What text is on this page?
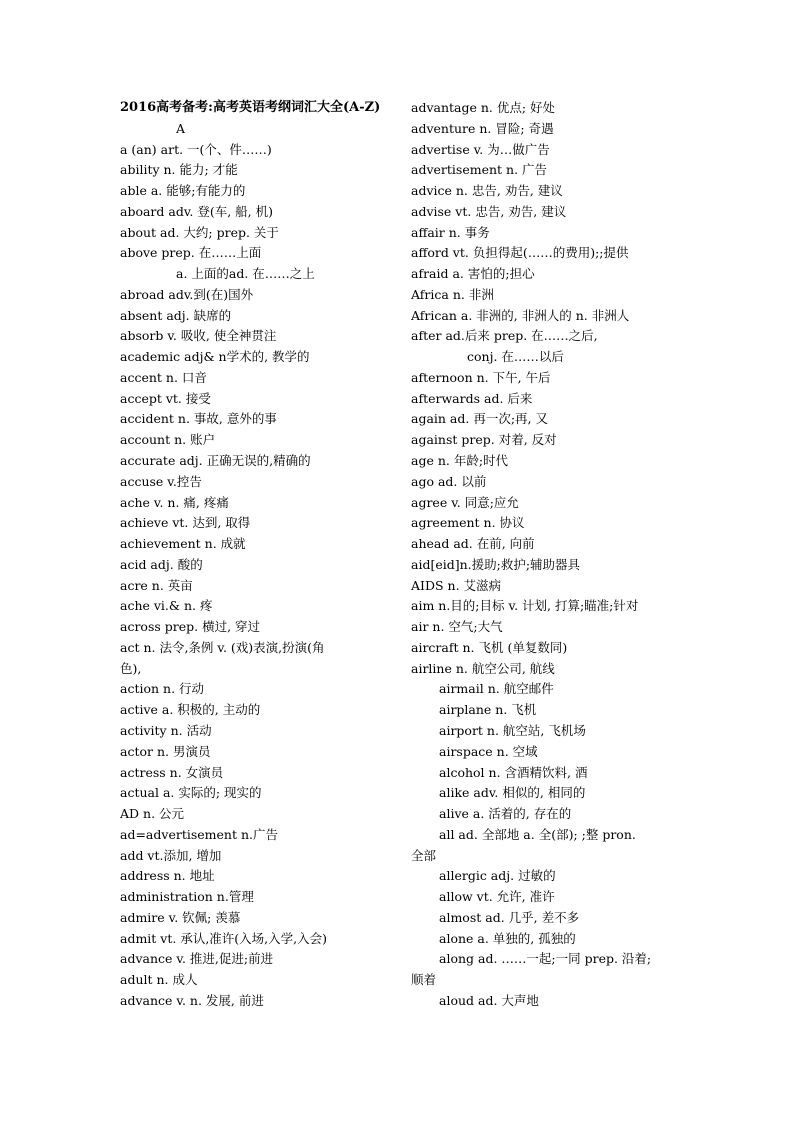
2016高考备考:高考英语考纲词汇大全(A-Z)
A
a (an) art. 一(个、件……)
ability n. 能力; 才能
able a. 能够;有能力的
aboard adv. 登(车, 船, 机)
about ad. 大约; prep. 关于
above prep. 在……上面
a. 上面的ad. 在……之上
abroad adv.到(在)国外
absent adj. 缺席的
absorb v. 吸收, 使全神贯注
academic adj& n学术的, 教学的
accent n. 口音
accept vt. 接受
accident n. 事故, 意外的事
account n. 账户
accurate adj. 正确无误的,精确的
accuse v.控告
ache v. n. 痛, 疼痛
achieve vt. 达到, 取得
achievement n. 成就
acid adj. 酸的
acre n. 英亩
ache vi.& n. 疼
across prep. 横过, 穿过
act n. 法令,条例 v. (戏)表演,扮演(角
色),
action n. 行动
active a. 积极的, 主动的
activity n. 活动
actor n. 男演员
actress n. 女演员
actual a. 实际的; 现实的
AD n. 公元
ad=advertisement n.广告
add vt.添加, 增加
address n. 地址
administration n.管理
admire v. 钦佩; 羡慕
admit vt. 承认,准许(入场,入学,入会)
advance v. 推进,促进;前进
adult n. 成人
advance v. n. 发展, 前进
advantage n. 优点; 好处
adventure n. 冒险; 奇遇
advertise v. 为…做广告
advertisement n. 广告
advice n. 忠告, 劝告, 建议
advise vt. 忠告, 劝告, 建议
affair n. 事务
afford vt. 负担得起(……的费用);;提供
afraid a. 害怕的;担心
Africa n. 非洲
African a. 非洲的, 非洲人的 n. 非洲人
after ad.后来 prep. 在……之后,
conj. 在……以后
afternoon n. 下午, 午后
afterwards ad. 后来
again ad. 再一次;再, 又
against prep. 对着, 反对
age n. 年龄;时代
ago ad. 以前
agree v. 同意;应允
agreement n. 协议
ahead ad. 在前, 向前
aid[eid]n.援助;救护;辅助器具
AIDS n. 艾滋病
aim n.目的;目标 v. 计划, 打算;瞄准;针对
air n. 空气;大气
aircraft n. 飞机 (单复数同)
airline n. 航空公司, 航线
airmail n. 航空邮件
airplane n. 飞机
airport n. 航空站, 飞机场
airspace n. 空域
alcohol n. 含酒精饮料, 酒
alike adv. 相似的, 相同的
alive a. 活着的, 存在的
all ad. 全部地 a. 全(部); ;整 pron.
全部
allergic adj. 过敏的
allow vt. 允许, 准许
almost ad. 几乎, 差不多
alone a. 单独的, 孤独的
along ad. ……一起;一同 prep. 沿着;
顺着
aloud ad. 大声地
